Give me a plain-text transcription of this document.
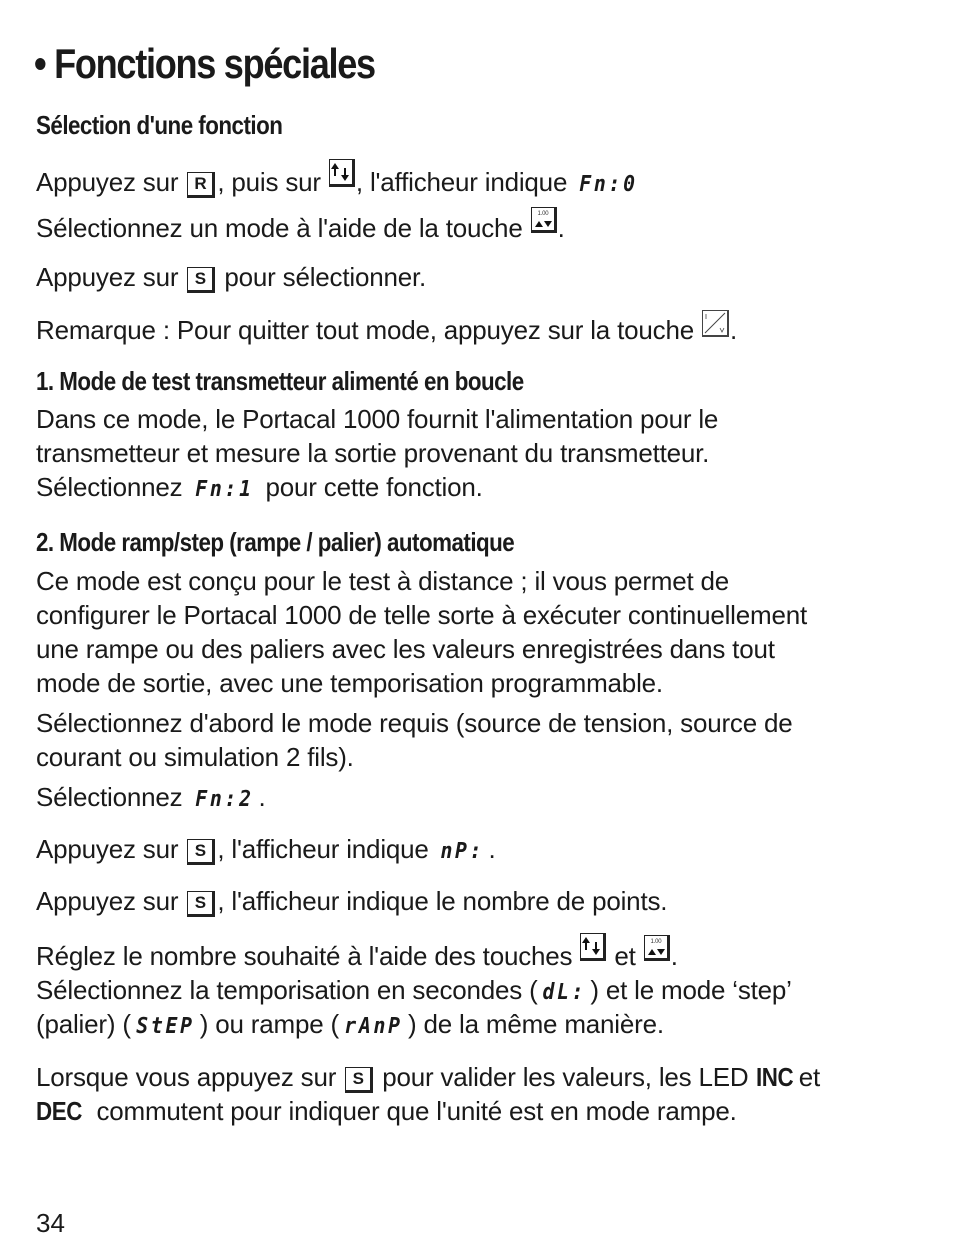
• Fonctions spéciales

Sélection d'une fonction

Appuyez sur R , puis sur , l'afficheur indique Fn:0

Sélectionnez un mode à l'aide de la touche 1.00 .

Appuyez sur S pour sélectionner.

Remarque : Pour quitter tout mode, appuyez sur la touche .

1. Mode de test transmetteur alimenté en boucle

Dans ce mode, le Portacal 1000 fournit l'alimentation pour le

transmetteur et mesure la sortie provenant du transmetteur.

Sélectionnez Fn:1 pour cette fonction.

2. Mode ramp/step (rampe / palier) automatique

Ce mode est conçu pour le test à distance ; il vous permet de

configurer le Portacal 1000 de telle sorte à exécuter continuellement

une rampe ou des paliers avec les valeurs enregistrées dans tout

mode de sortie, avec une temporisation programmable.

Sélectionnez d'abord le mode requis (source de tension, source de

courant ou simulation 2 fils).

Sélectionnez Fn:2 .

Appuyez sur S , l'afficheur indique nP: .

Appuyez sur S , l'afficheur indique le nombre de points.

Réglez le nombre souhaité à l'aide des touches et 1.00 .

Sélectionnez la temporisation en secondes ( dL: ) et le mode ‘step’

(palier) ( StEP ) ou rampe ( rAnP ) de la même manière.

Lorsque vous appuyez sur S pour valider les valeurs, les LED INC et

DEC commutent pour indiquer que l'unité est en mode rampe.

34
